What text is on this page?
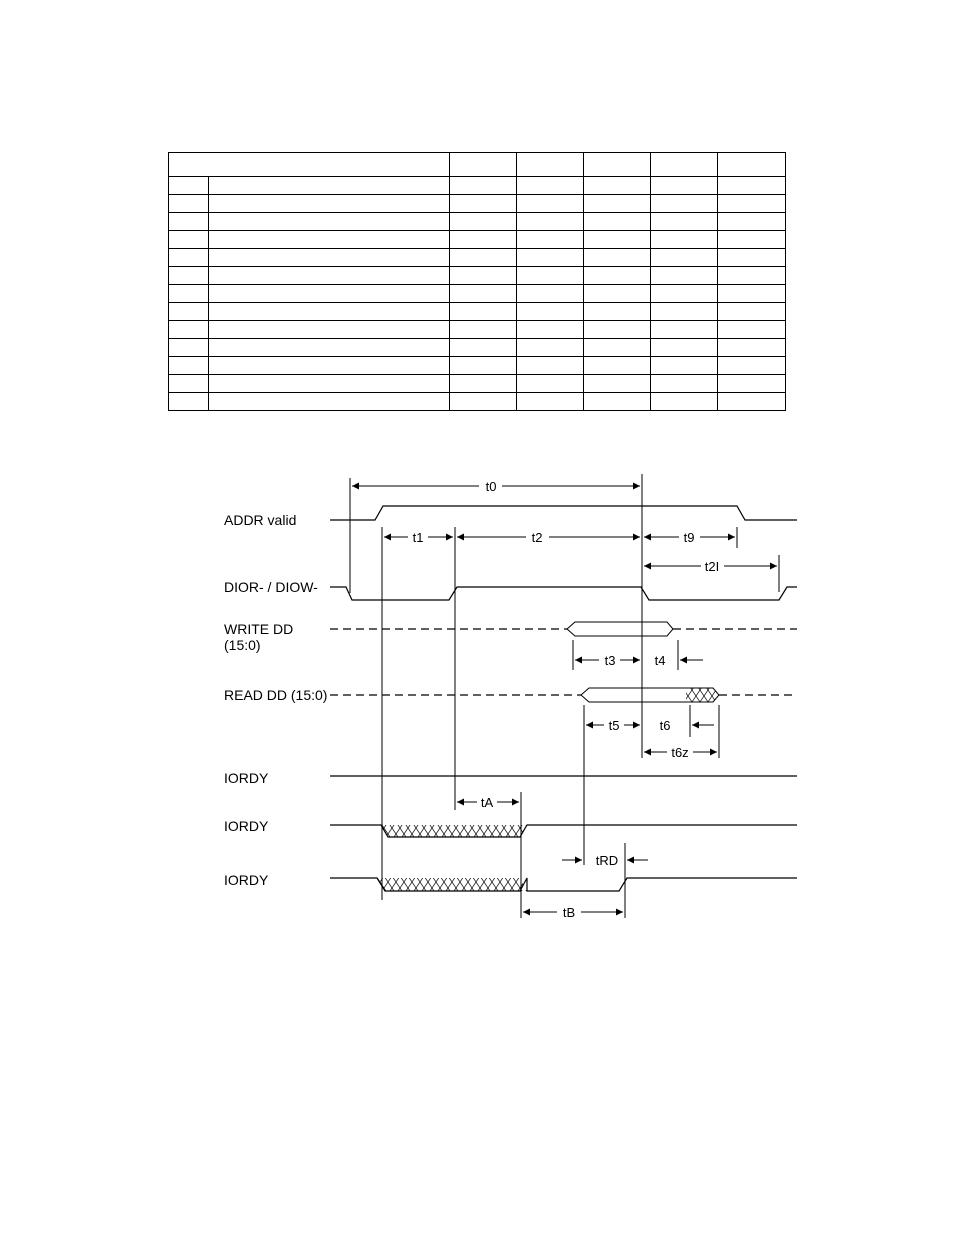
ADDR valid
DIOR- / DIOW-
WRITE DD
(15:0)
READ DD (15:0)
IORDY
IORDY
IORDY
t0
t1	t2	t9
t2I
t3	t4
t5	t6
t6z
tA
tRD
tB
